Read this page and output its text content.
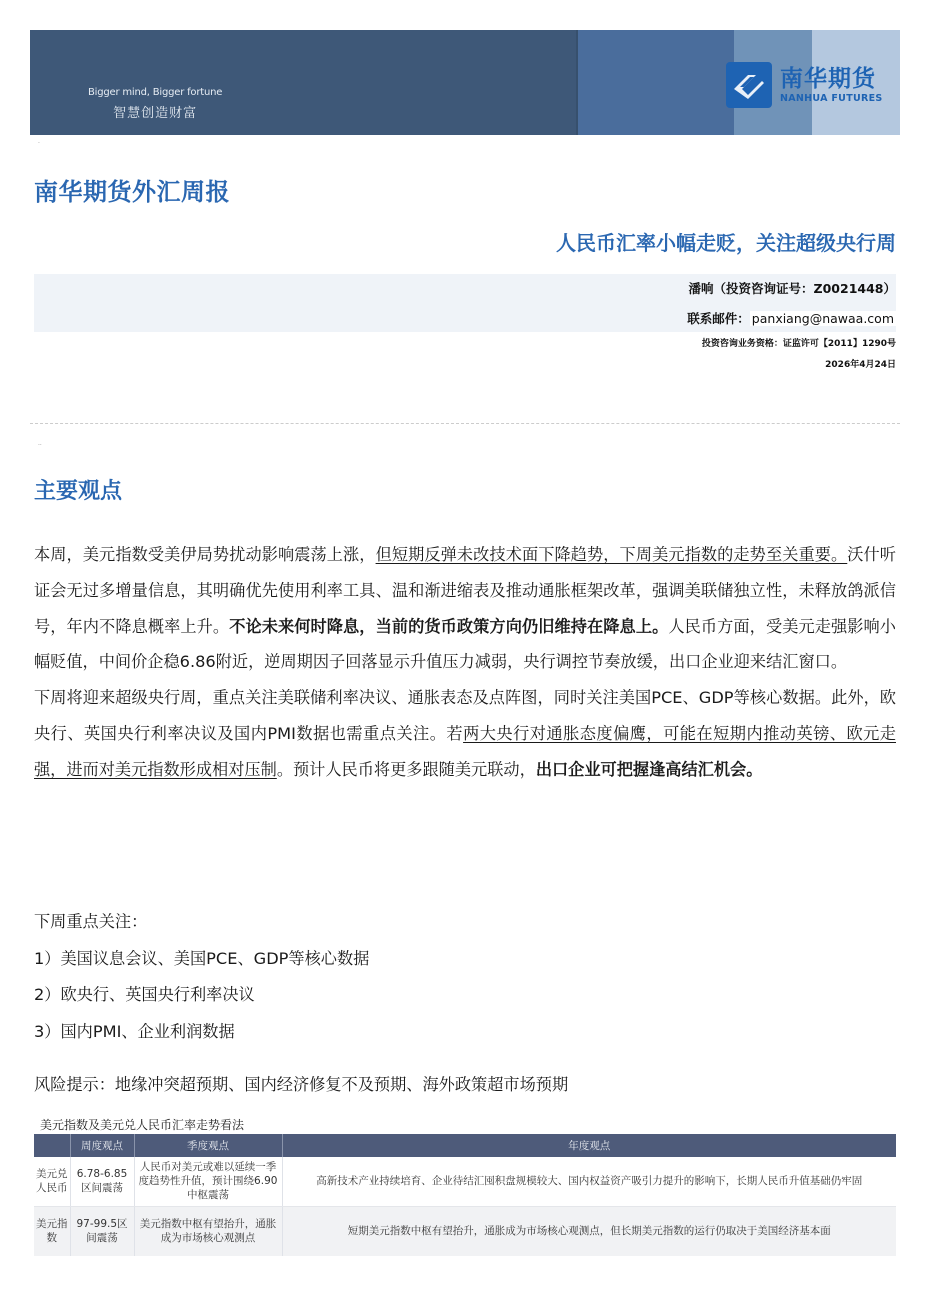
Bigger mind, Bigger fortune
智慧创造财富
南华期货
NANHUA FUTURES
·
南华期货外汇周报
人民币汇率小幅走贬，关注超级央行周
潘响（投资咨询证号：Z0021448）
联系邮件： panxiang@nawaa.com
投资咨询业务资格：证监许可【2011】1290号
2026年4月24日
··
主要观点

本周，美元指数受美伊局势扰动影响震荡上涨，但短期反弹未改技术面下降趋势，下周美元指数的走势至关重要。沃什听证会无过多增量信息，其明确优先使用利率工具、温和渐进缩表及推动通胀框架改革，强调美联储独立性，未释放鸽派信号，年内不降息概率上升。不论未来何时降息，当前的货币政策方向仍旧维持在降息上。人民币方面，受美元走强影响小幅贬值，中间价企稳6.86附近，逆周期因子回落显示升值压力减弱，央行调控节奏放缓，出口企业迎来结汇窗口。

下周将迎来超级央行周，重点关注美联储利率决议、通胀表态及点阵图，同时关注美国PCE、GDP等核心数据。此外，欧央行、英国央行利率决议及国内PMI数据也需重点关注。若两大央行对通胀态度偏鹰，可能在短期内推动英镑、欧元走强，进而对美元指数形成相对压制。预计人民币将更多跟随美元联动，出口企业可把握逢高结汇机会。

下周重点关注：
1）美国议息会议、美国PCE、GDP等核心数据
2）欧央行、英国央行利率决议
3）国内PMI、企业利润数据
风险提示：地缘冲突超预期、国内经济修复不及预期、海外政策超市场预期
美元指数及美元兑人民币汇率走势看法
	周度观点	季度观点	年度观点
美元兑人民币	6.78-6.85区间震荡	人民币对美元或难以延续一季度趋势性升值，预计围绕6.90中枢震荡	高新技术产业持续培育、企业待结汇囤积盘规模较大、国内权益资产吸引力提升的影响下，长期人民币升值基础仍牢固
美元指数	97-99.5区间震荡	美元指数中枢有望抬升，通胀成为市场核心观测点	短期美元指数中枢有望抬升，通胀成为市场核心观测点，但长期美元指数的运行仍取决于美国经济基本面
